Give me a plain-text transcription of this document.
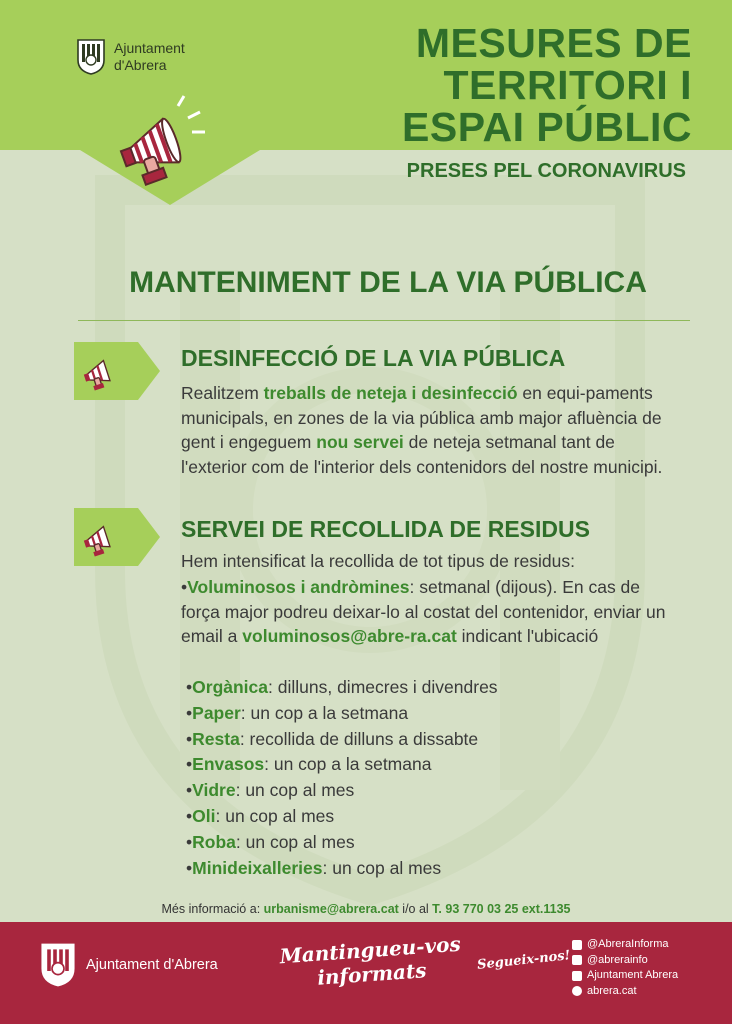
Ajuntament
d'Abrera	MESURES DE
TERRITORI I
ESPAI PÚBLIC
PRESES PEL CORONAVIRUS
MANTENIMENT DE LA VIA PÚBLICA
DESINFECCIÓ DE LA VIA PÚBLICA
Realitzem treballs de neteja i desinfecció en equi-paments municipals, en zones de la via pública amb major afluència de gent i engeguem nou servei de neteja setmanal tant de l'exterior com de l'interior dels contenidors del nostre municipi.
SERVEI DE RECOLLIDA DE RESIDUS
Hem intensificat la recollida de tot tipus de residus:
•Voluminosos i andròmines: setmanal (dijous). En cas de força major podreu deixar-lo al costat del contenidor, enviar un email a voluminosos@abre-ra.cat indicant l'ubicació
•Orgànica: dilluns, dimecres i divendres
•Paper: un cop a la setmana
•Resta: recollida de dilluns a dissabte
•Envasos: un cop a la setmana
•Vidre: un cop al mes
•Oli: un cop al mes
•Roba: un cop al mes
•Minideixalleries: un cop al mes
Més informació a: urbanisme@abrera.cat i/o al T. 93 770 03 25 ext.1135
Ajuntament d'Abrera	Mantingueu-vos informats	Segueix-nos!
@AbreraInforma
@abrerainfo
Ajuntament Abrera
abrera.cat
